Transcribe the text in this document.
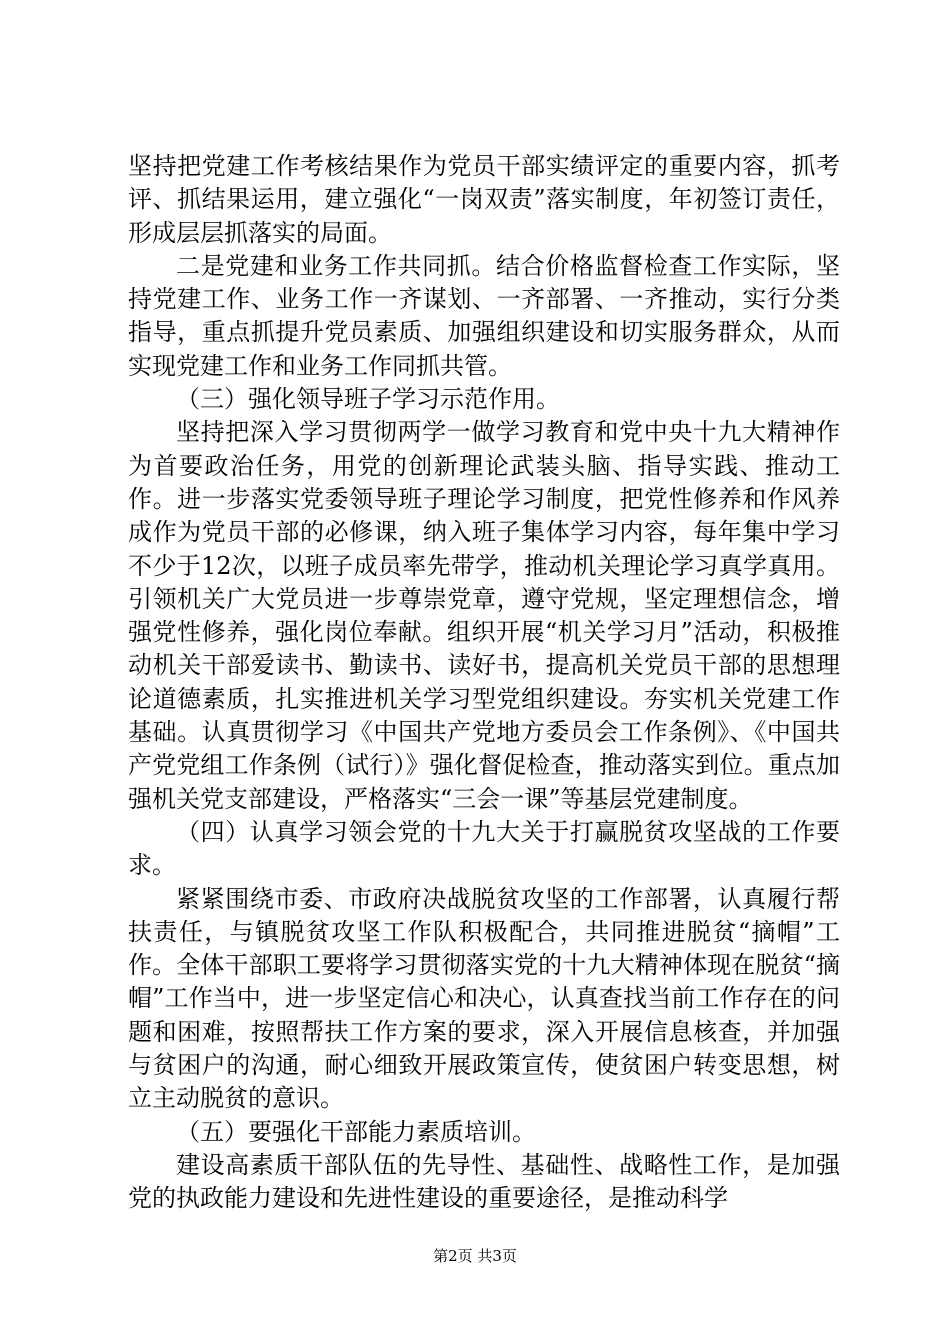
坚持把党建工作考核结果作为党员干部实绩评定的重要内容，抓考评、抓结果运用，建立强化“一岗双责”落实制度，年初签订责任，形成层层抓落实的局面。

二是党建和业务工作共同抓。结合价格监督检查工作实际，坚持党建工作、业务工作一齐谋划、一齐部署、一齐推动，实行分类指导，重点抓提升党员素质、加强组织建设和切实服务群众，从而实现党建工作和业务工作同抓共管。

（三）强化领导班子学习示范作用。

坚持把深入学习贯彻两学一做学习教育和党中央十九大精神作为首要政治任务，用党的创新理论武装头脑、指导实践、推动工作。进一步落实党委领导班子理论学习制度，把党性修养和作风养成作为党员干部的必修课，纳入班子集体学习内容，每年集中学习不少于12次，以班子成员率先带学，推动机关理论学习真学真用。引领机关广大党员进一步尊崇党章，遵守党规，坚定理想信念，增强党性修养，强化岗位奉献。组织开展“机关学习月”活动，积极推动机关干部爱读书、勤读书、读好书，提高机关党员干部的思想理论道德素质，扎实推进机关学习型党组织建设。夯实机关党建工作基础。认真贯彻学习《中国共产党地方委员会工作条例》、《中国共产党党组工作条例（试行）》强化督促检查，推动落实到位。重点加强机关党支部建设，严格落实“三会一课”等基层党建制度。

（四）认真学习领会党的十九大关于打赢脱贫攻坚战的工作要求。

紧紧围绕市委、市政府决战脱贫攻坚的工作部署，认真履行帮扶责任，与镇脱贫攻坚工作队积极配合，共同推进脱贫“摘帽”工作。全体干部职工要将学习贯彻落实党的十九大精神体现在脱贫“摘帽”工作当中，进一步坚定信心和决心，认真查找当前工作存在的问题和困难，按照帮扶工作方案的要求，深入开展信息核查，并加强与贫困户的沟通，耐心细致开展政策宣传，使贫困户转变思想，树立主动脱贫的意识。

（五）要强化干部能力素质培训。

建设高素质干部队伍的先导性、基础性、战略性工作，是加强党的执政能力建设和先进性建设的重要途径，是推动科学

第2页 共3页
